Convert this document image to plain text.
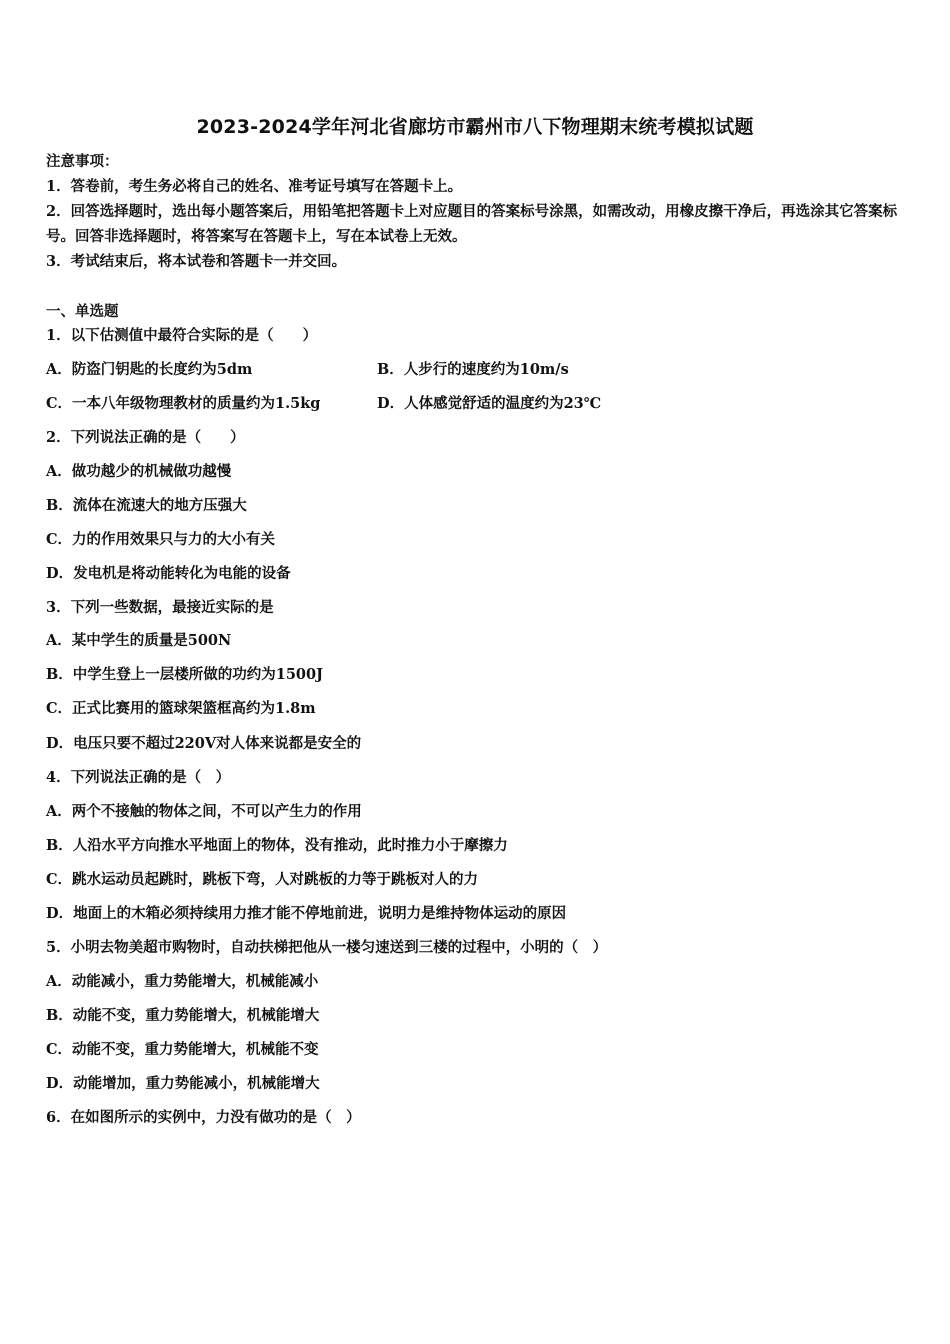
2023-2024学年河北省廊坊市霸州市八下物理期末统考模拟试题
注意事项：
1．答卷前，考生务必将自己的姓名、准考证号填写在答题卡上。
2．回答选择题时，选出每小题答案后，用铅笔把答题卡上对应题目的答案标号涂黑，如需改动，用橡皮擦干净后，再选涂其它答案标号。回答非选择题时，将答案写在答题卡上，写在本试卷上无效。
3．考试结束后，将本试卷和答题卡一并交回。
一、单选题
1．以下估测值中最符合实际的是（　　）
A．防盗门钥匙的长度约为5dm	B．人步行的速度约为10m/s
C．一本八年级物理教材的质量约为1.5kg	D．人体感觉舒适的温度约为23℃
2．下列说法正确的是（　　）
A．做功越少的机械做功越慢
B．流体在流速大的地方压强大
C．力的作用效果只与力的大小有关
D．发电机是将动能转化为电能的设备
3．下列一些数据，最接近实际的是
A．某中学生的质量是500N
B．中学生登上一层楼所做的功约为1500J
C．正式比赛用的篮球架篮框高约为1.8m
D．电压只要不超过220V对人体来说都是安全的
4．下列说法正确的是（　）
A．两个不接触的物体之间，不可以产生力的作用
B．人沿水平方向推水平地面上的物体，没有推动，此时推力小于摩擦力
C．跳水运动员起跳时，跳板下弯，人对跳板的力等于跳板对人的力
D．地面上的木箱必须持续用力推才能不停地前进，说明力是维持物体运动的原因
5．小明去物美超市购物时，自动扶梯把他从一楼匀速送到三楼的过程中，小明的（　）
A．动能减小，重力势能增大，机械能减小
B．动能不变，重力势能增大，机械能增大
C．动能不变，重力势能增大，机械能不变
D．动能增加，重力势能减小，机械能增大
6．在如图所示的实例中，力没有做功的是（　）
